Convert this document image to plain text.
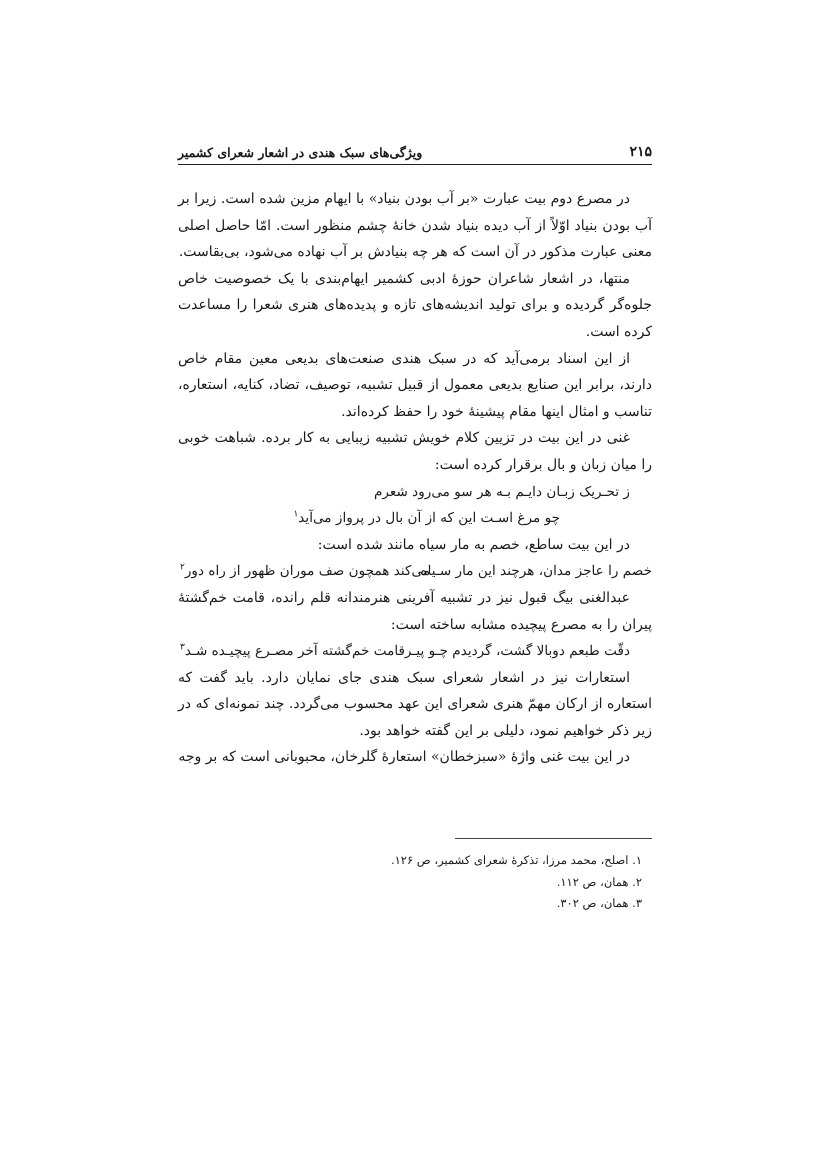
۲۱۵
ویژگی‌های سبک هندی در اشعار شعرای کشمیر

در مصرع دوم بیت عبارت «بر آب بودن بنیاد» با ایهام مزین شده است. زیرا بر آب بودن بنیاد اوّلاً از آب دیده بنیاد شدن خانهٔ چشم منظور است. امّا حاصل اصلی معنی عبارت مذکور در آن است که هر چه بنیادش بر آب نهاده می‌شود، بی‌بقاست.

منتها، در اشعار شاعران حوزهٔ ادبی کشمیر ایهام‌بندی با یک خصوصیت خاص جلوه‌گر گردیده و برای تولید اندیشه‌های تازه و پدیده‌های هنری شعرا را مساعدت کرده است.

از این اسناد برمی‌آید که در سبک هندی صنعت‌های بدیعی معین مقام خاص دارند، برابر این صنایع بدیعی معمول از قبیل تشبیه، توصیف، تضاد، کنایه، استعاره، تناسب و امثال اینها مقام پیشینهٔ خود را حفظ کرده‌اند.

غنی در این بیت در تزیین کلام خویش تشبیه زیبایی به کار برده. شباهت خوبی را میان زبان و بال برقرار کرده است:

ز تحـریک زبـان دایـم بـه هر سو می‌رود شعرم
چو مرغ اسـت این که از آن بال در پرواز می‌آید$^۱$

در این بیت ساطع، خصم به مار سیاه مانند شده است:

خصم را عاجز مدان، هرچند این مار سـیاه
می‌کند همچون صف موران ظهور از راه دور$^۲$

عبدالغنی بیگ قبول نیز در تشبیه آفرینی هنرمندانه قلم رانده، قامت خم‌گشتهٔ پیران را به مصرع پیچیده مشابه ساخته است:

دقّت طبعم دوبالا گشت، گردیدم چـو پیـر
قامت خم‌گشته آخر مصـرع پیچیـده شـد$^۳$

استعارات نیز در اشعار شعرای سبک هندی جای نمایان دارد. باید گفت که استعاره از ارکان مهمّ هنری شعرای این عهد محسوب می‌گردد. چند نمونه‌ای که در زیر ذکر خواهیم نمود، دلیلی بر این گفته خواهد بود.

در این بیت غنی واژهٔ «سبزخطان» استعارهٔ گلرخان، محبوبانی است که بر وجه

۱. اصلح، محمد مرزا، تذکرهٔ شعرای کشمیر، ص ۱۲۶.
۲. همان، ص ۱۱۲.
۳. همان، ص ۳۰۲.
